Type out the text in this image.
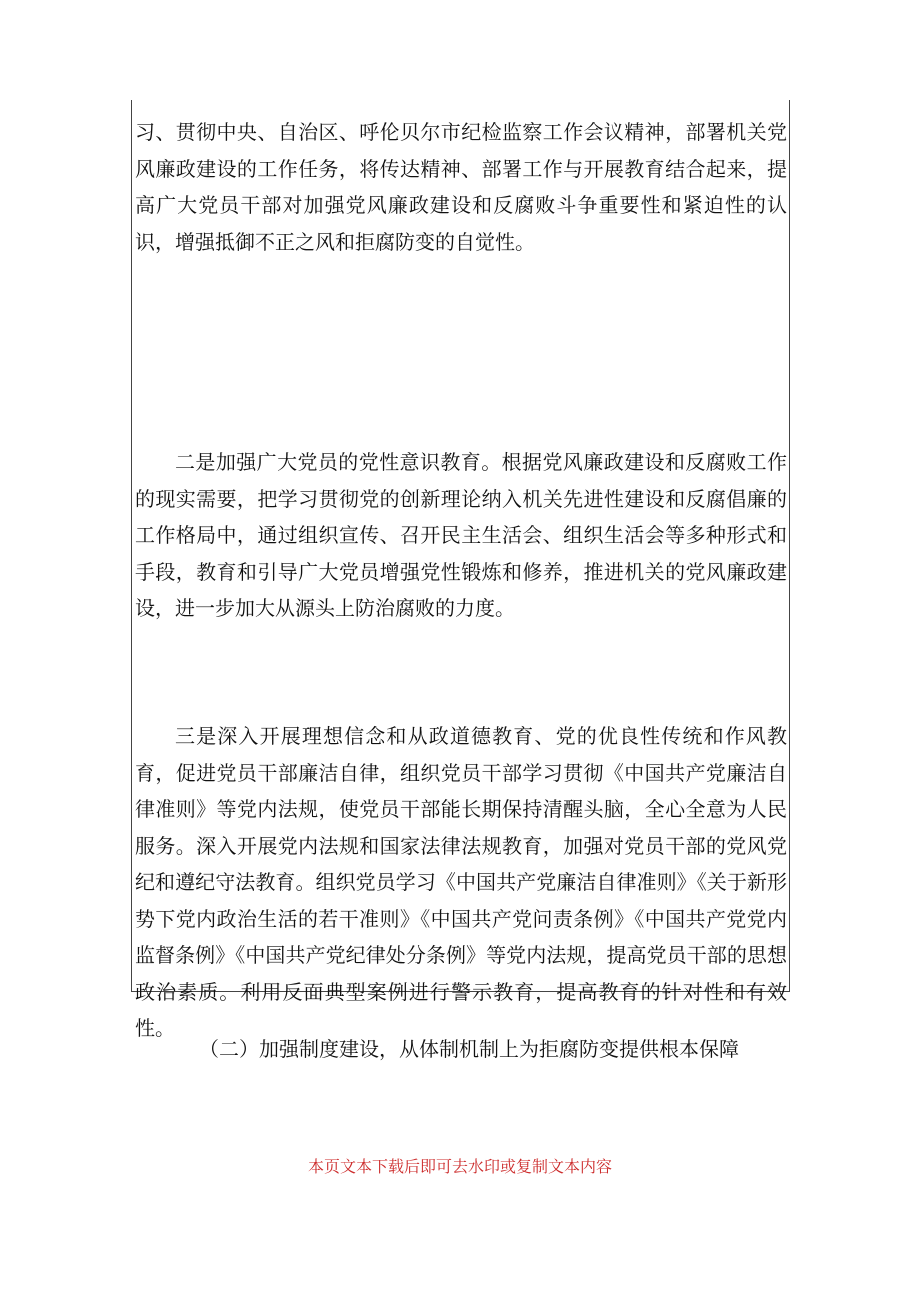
习、贯彻中央、自治区、呼伦贝尔市纪检监察工作会议精神，部署机关党风廉政建设的工作任务，将传达精神、部署工作与开展教育结合起来，提高广大党员干部对加强党风廉政建设和反腐败斗争重要性和紧迫性的认识，增强抵御不正之风和拒腐防变的自觉性。

二是加强广大党员的党性意识教育。根据党风廉政建设和反腐败工作的现实需要，把学习贯彻党的创新理论纳入机关先进性建设和反腐倡廉的工作格局中，通过组织宣传、召开民主生活会、组织生活会等多种形式和手段，教育和引导广大党员增强党性锻炼和修养，推进机关的党风廉政建设，进一步加大从源头上防治腐败的力度。

三是深入开展理想信念和从政道德教育、党的优良性传统和作风教育，促进党员干部廉洁自律，组织党员干部学习贯彻《中国共产党廉洁自律准则》等党内法规，使党员干部能长期保持清醒头脑，全心全意为人民服务。深入开展党内法规和国家法律法规教育，加强对党员干部的党风党纪和遵纪守法教育。组织党员学习《中国共产党廉洁自律准则》《关于新形势下党内政治生活的若干准则》《中国共产党问责条例》《中国共产党党内监督条例》《中国共产党纪律处分条例》等党内法规，提高党员干部的思想政治素质。利用反面典型案例进行警示教育，提高教育的针对性和有效性。

（二）加强制度建设，从体制机制上为拒腐防变提供根本保障

本页文本下载后即可去水印或复制文本内容
